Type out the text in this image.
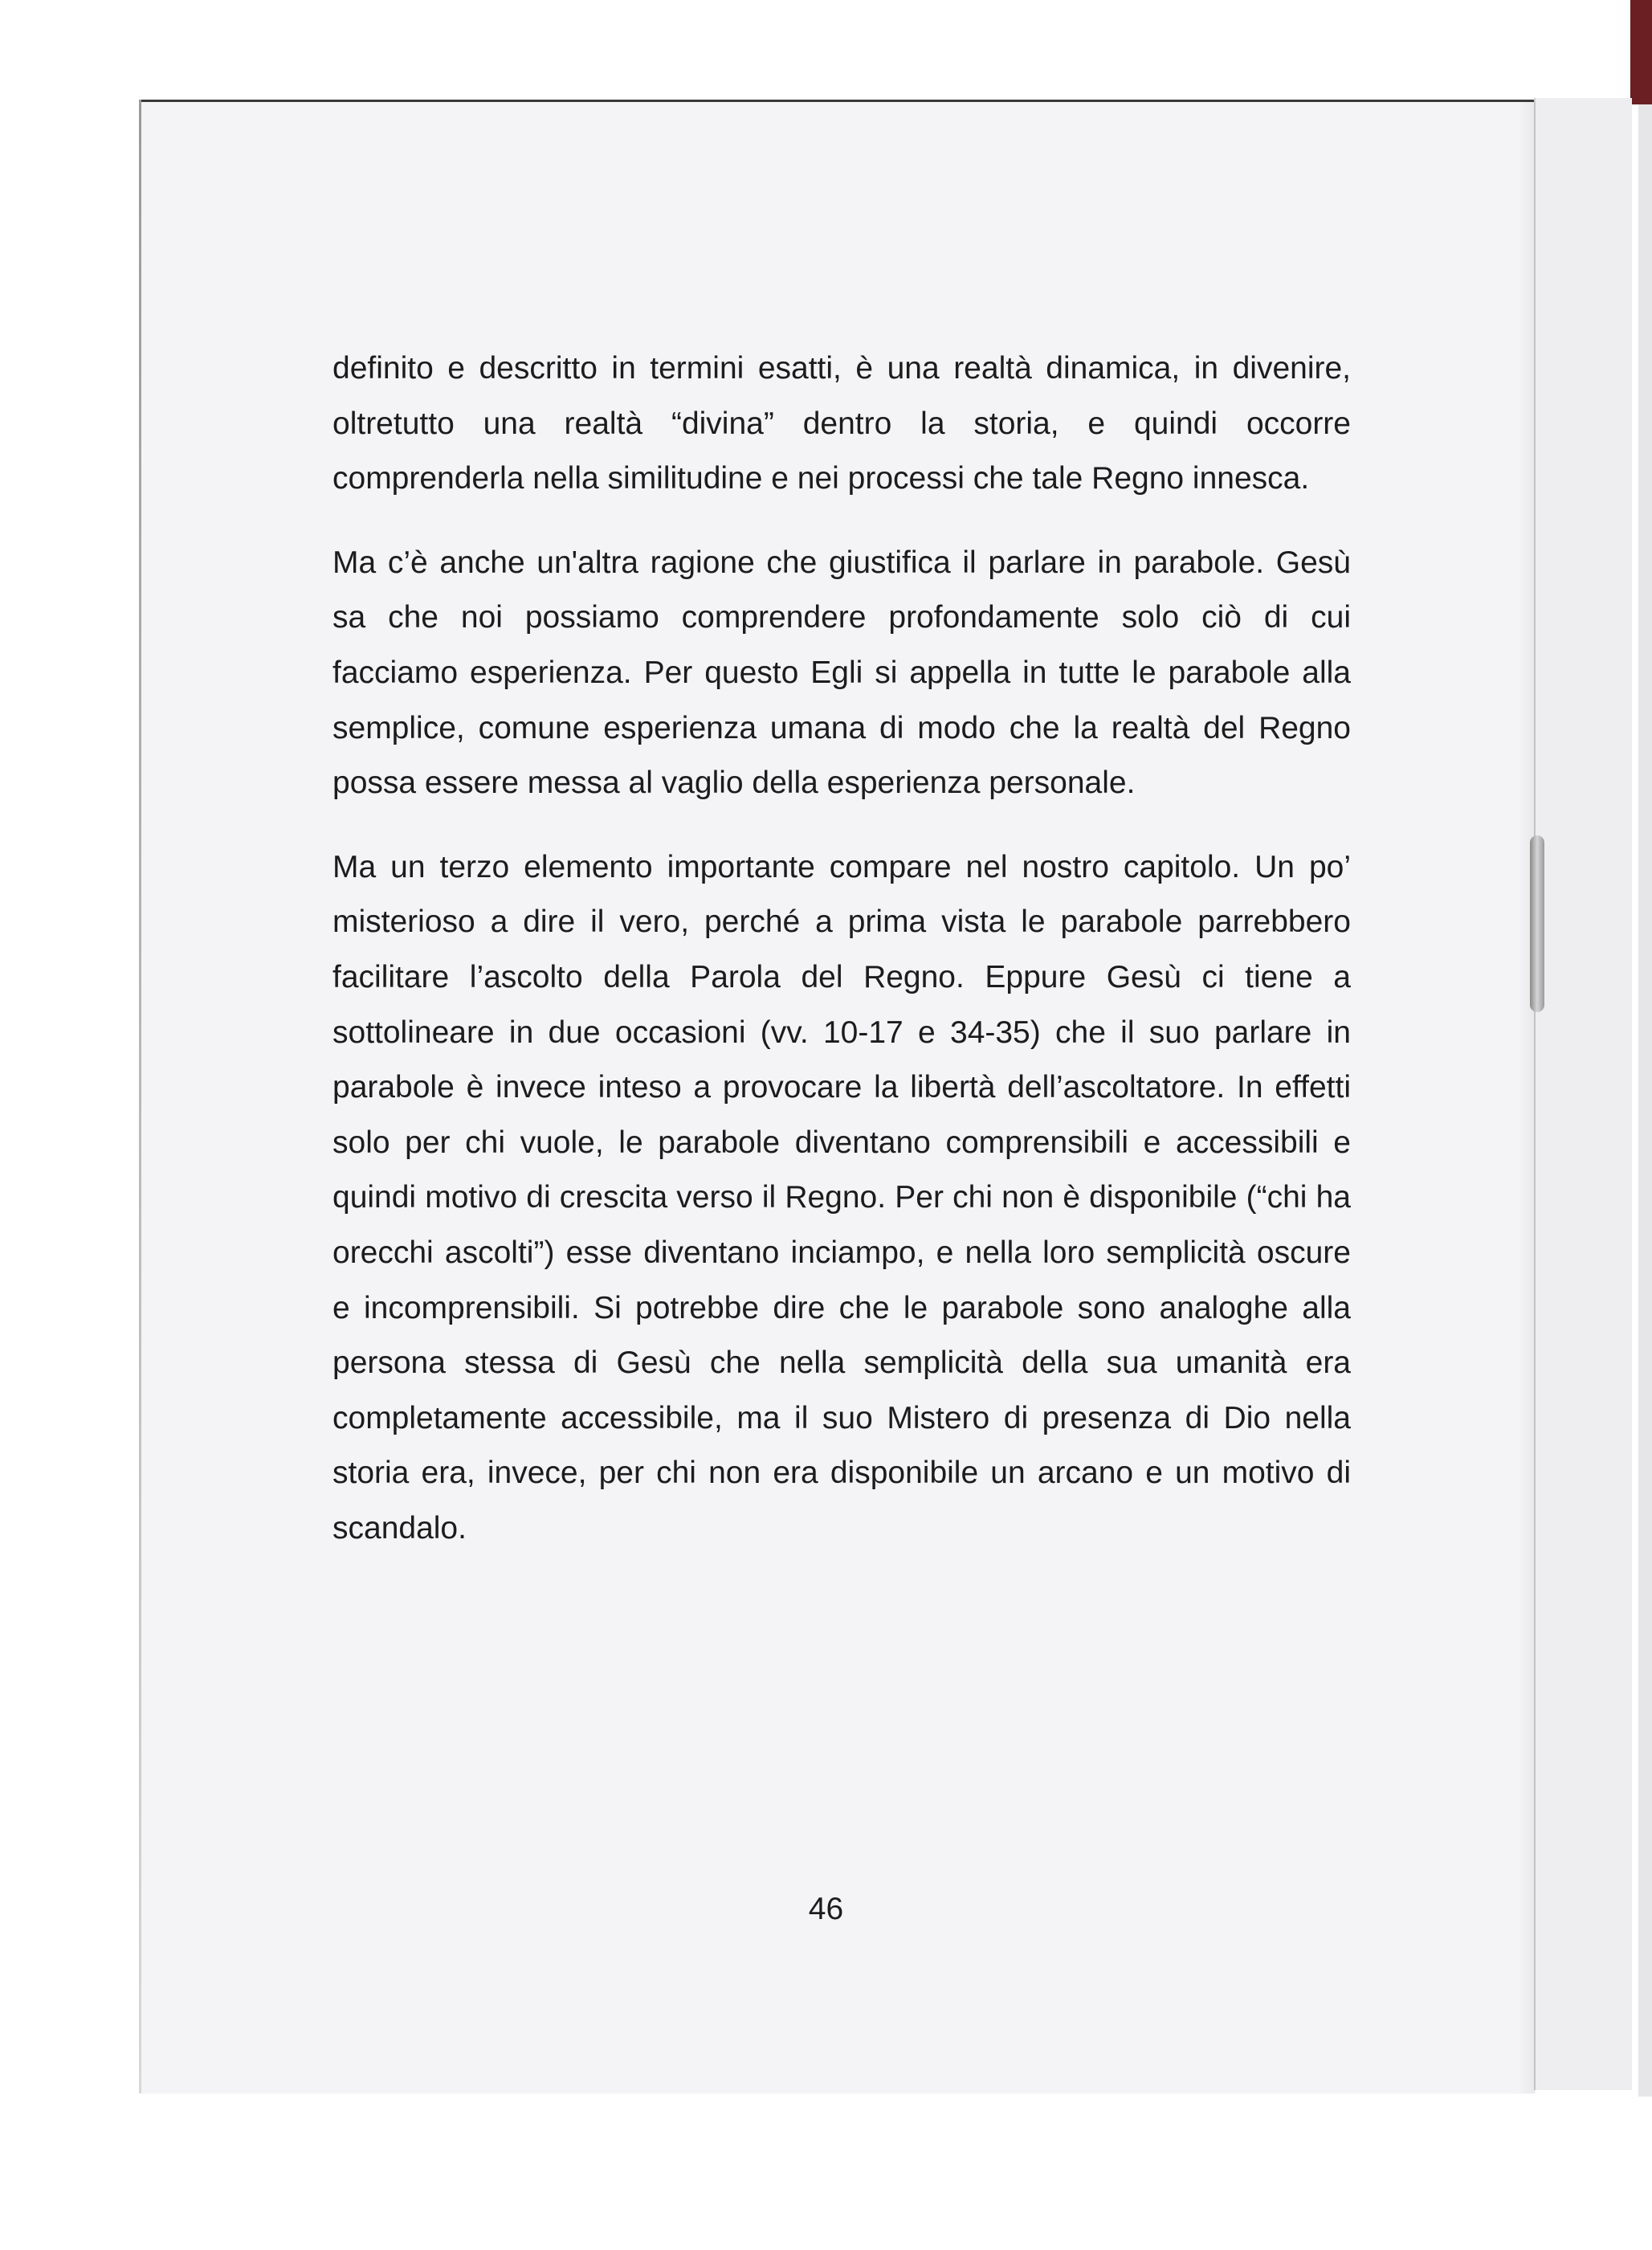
definito e descritto in termini esatti, è una realtà dinamica, in divenire, oltretutto una realtà “divina” dentro la storia, e quindi occorre comprenderla nella similitudine e nei processi che tale Regno innesca.

Ma c’è anche un'altra ragione che giustifica il parlare in parabole. Gesù sa che noi possiamo comprendere profondamente solo ciò di cui facciamo esperienza. Per questo Egli si appella in tutte le parabole alla semplice, comune esperienza umana di modo che la realtà del Regno possa essere messa al vaglio della esperienza personale.

Ma un terzo elemento importante compare nel nostro capitolo. Un po’ misterioso a dire il vero, perché a prima vista le parabole parrebbero facilitare l’ascolto della Parola del Regno. Eppure Gesù ci tiene a sottolineare in due occasioni (vv. 10-17 e 34-35) che il suo parlare in parabole è invece inteso a provocare la libertà dell’ascoltatore. In effetti solo per chi vuole, le parabole diventano comprensibili e accessibili e quindi motivo di crescita verso il Regno. Per chi non è disponibile (“chi ha orecchi ascolti”) esse diventano inciampo, e nella loro semplicità oscure e incomprensibili. Si potrebbe dire che le parabole sono analoghe alla persona stessa di Gesù che nella semplicità della sua umanità era completamente accessibile, ma il suo Mistero di presenza di Dio nella storia era, invece, per chi non era disponibile un arcano e un motivo di scandalo.

46
